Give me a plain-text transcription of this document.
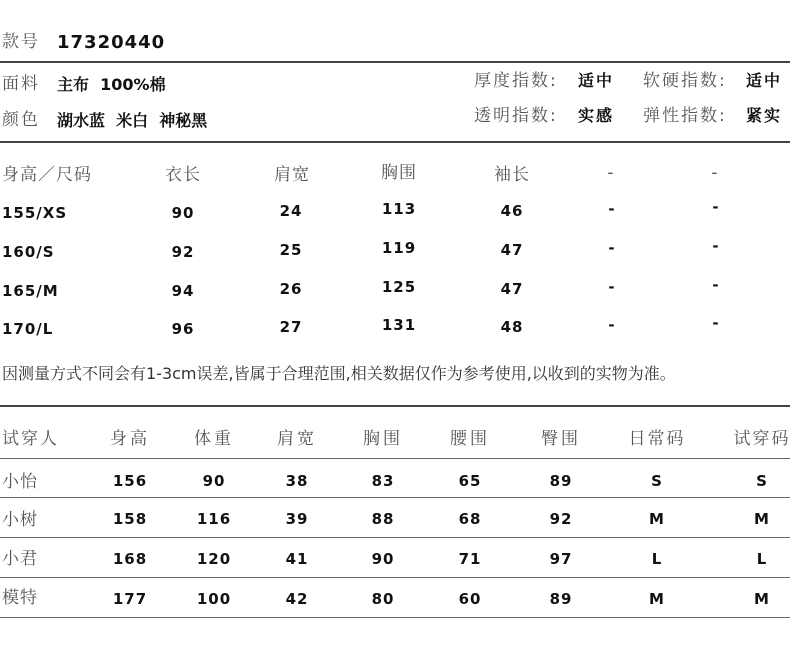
款号 17320440
面料 主布  100%棉	厚度指数: 适中 软硬指数: 适中
颜色 湖水蓝  米白  神秘黑	透明指数: 实感 弹性指数: 紧实
身高／尺码	衣长	肩宽	胸围	袖长	-	-
155/XS	90	24	113	46	-	-
160/S	92	25	119	47	-	-
165/M	94	26	125	47	-	-
170/L	96	27	131	48	-	-
因测量方式不同会有1-3cm误差,皆属于合理范围,相关数据仅作为参考使用,以收到的实物为准。
试穿人	身高	体重	肩宽	胸围	腰围	臀围	日常码	试穿码
小怡	156	90	38	83	65	89	S	S
小树	158	116	39	88	68	92	M	M
小君	168	120	41	90	71	97	L	L
模特	177	100	42	80	60	89	M	M
